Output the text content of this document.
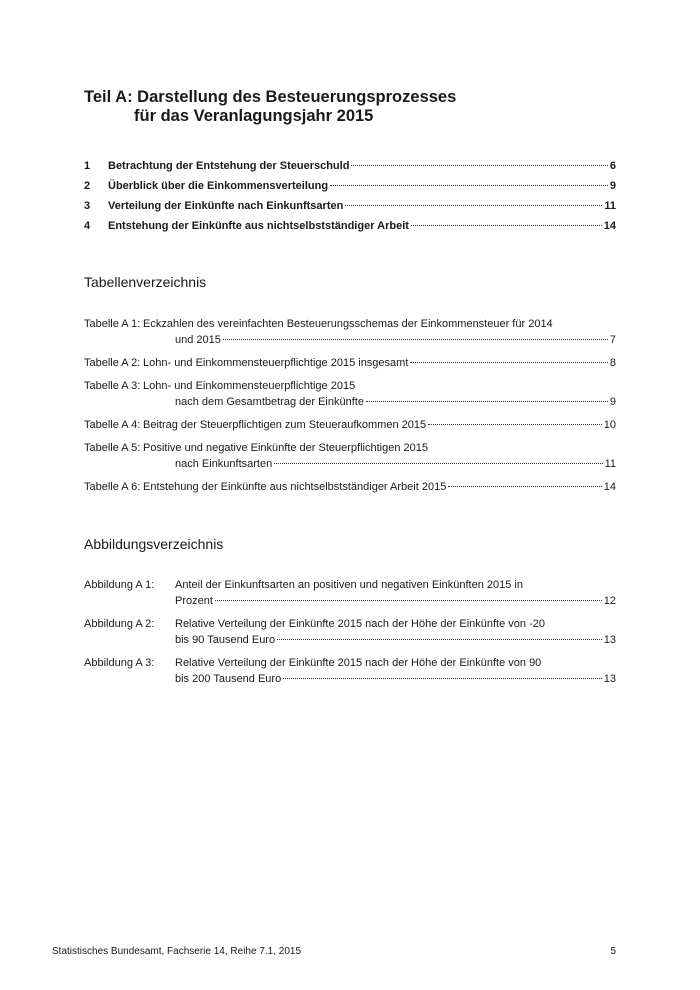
Teil A: Darstellung des Besteuerungsprozesses
für das Veranlagungsjahr 2015
1	Betrachtung der Entstehung der Steuerschuld	6
2	Überblick über die Einkommensverteilung	9
3	Verteilung der Einkünfte nach Einkunftsarten	11
4	Entstehung der Einkünfte aus nichtselbstständiger Arbeit	14
Tabellenverzeichnis
Tabelle A 1: Eckzahlen des vereinfachten Besteuerungsschemas der Einkommensteuer für 2014
und 2015	7
Tabelle A 2: Lohn- und Einkommensteuerpflichtige 2015 insgesamt	8
Tabelle A 3: Lohn- und Einkommensteuerpflichtige 2015
nach dem Gesamtbetrag der Einkünfte	9
Tabelle A 4: Beitrag der Steuerpflichtigen zum Steueraufkommen 2015	10
Tabelle A 5: Positive und negative Einkünfte der Steuerpflichtigen 2015
nach Einkunftsarten	11
Tabelle A 6: Entstehung der Einkünfte aus nichtselbstständiger Arbeit 2015	14
Abbildungsverzeichnis
Abbildung A 1:	Anteil der Einkunftsarten an positiven und negativen Einkünften 2015 in
Prozent	12
Abbildung A 2:	Relative Verteilung der Einkünfte 2015 nach der Höhe der Einkünfte von -20
bis 90 Tausend Euro	13
Abbildung A 3:	Relative Verteilung der Einkünfte 2015 nach der Höhe der Einkünfte von 90
bis 200 Tausend Euro	13
Statistisches Bundesamt, Fachserie 14, Reihe 7.1, 2015	5
